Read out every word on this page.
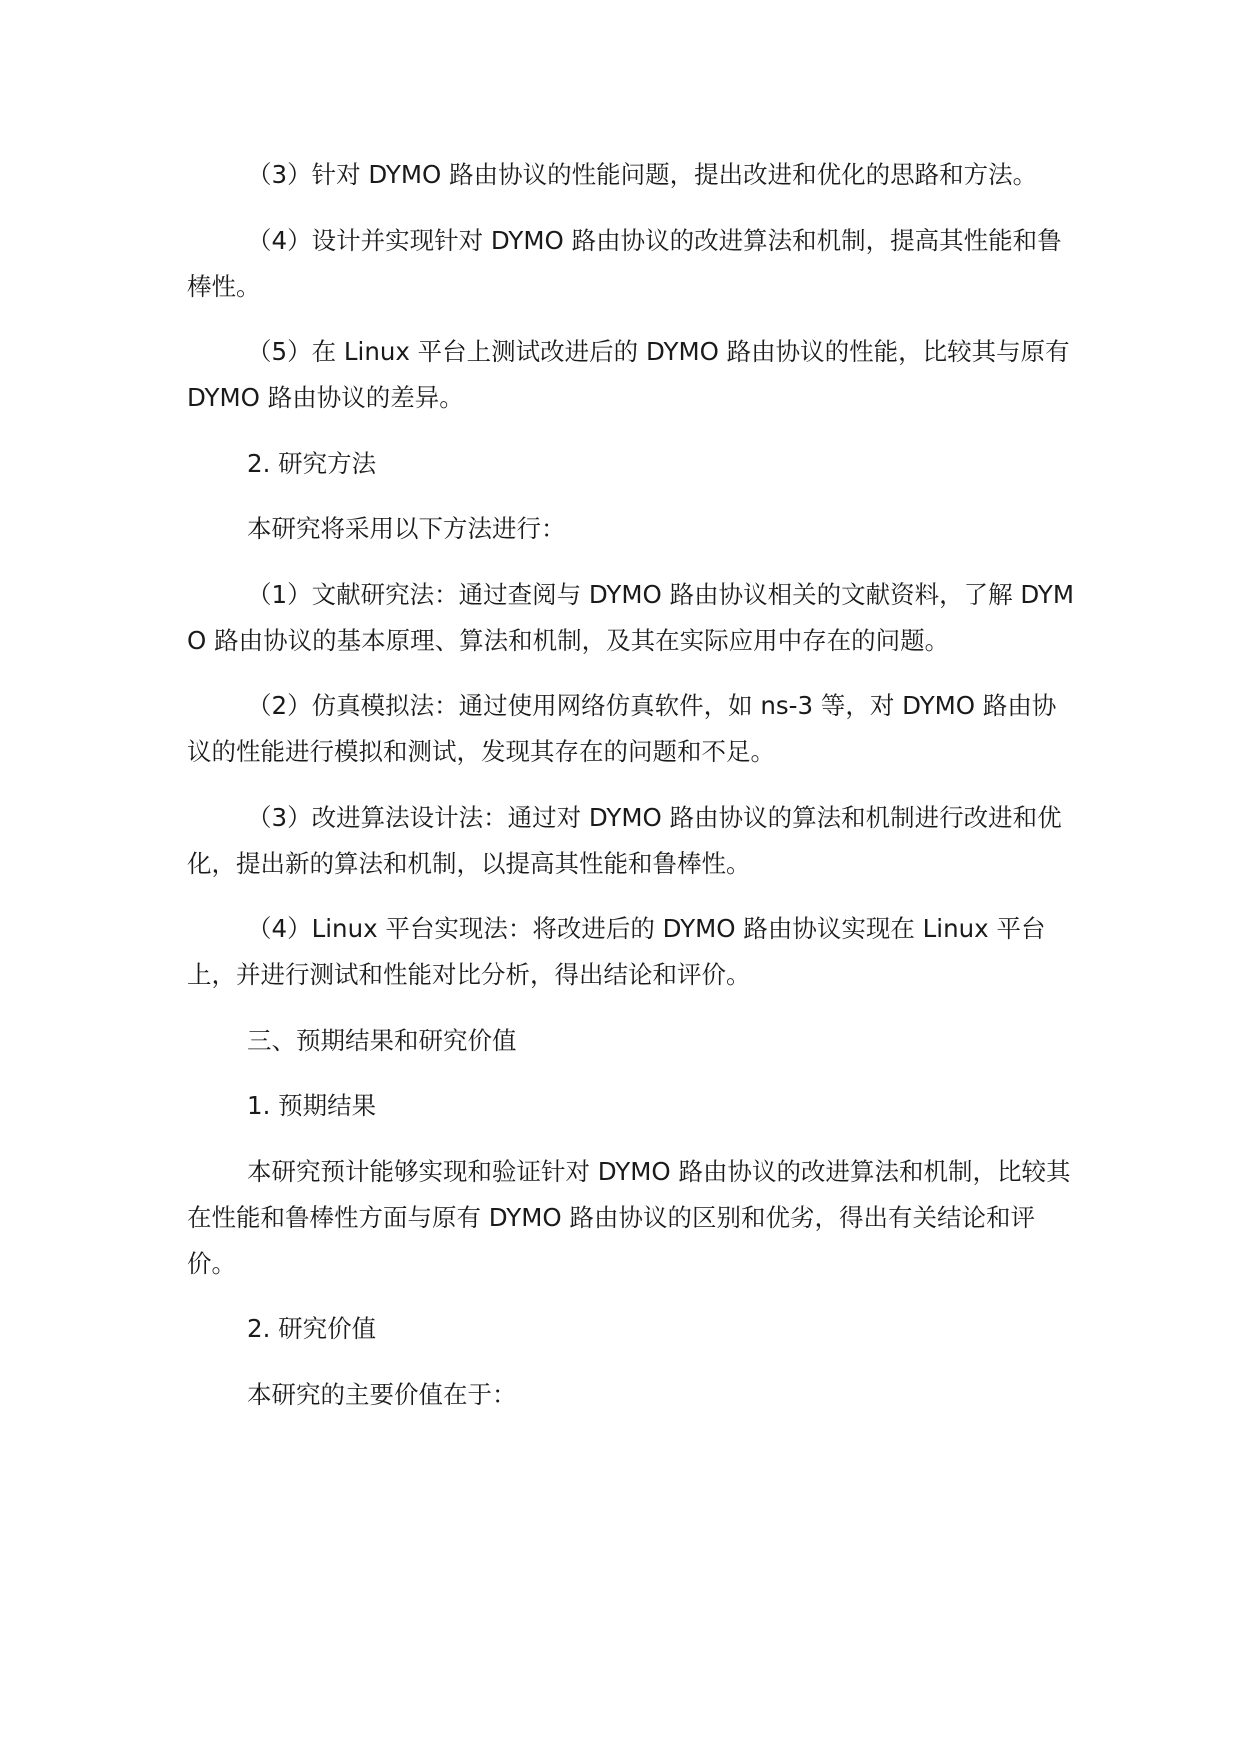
（3）针对 DYMO 路由协议的性能问题，提出改进和优化的思路和方法。

（4）设计并实现针对 DYMO 路由协议的改进算法和机制，提高其性能和鲁棒性。

（5）在 Linux 平台上测试改进后的 DYMO 路由协议的性能，比较其与原有 DYMO 路由协议的差异。

2. 研究方法

本研究将采用以下方法进行：

（1）文献研究法：通过查阅与 DYMO 路由协议相关的文献资料，了解 DYMO 路由协议的基本原理、算法和机制，及其在实际应用中存在的问题。

（2）仿真模拟法：通过使用网络仿真软件，如 ns-3 等，对 DYMO 路由协议的性能进行模拟和测试，发现其存在的问题和不足。

（3）改进算法设计法：通过对 DYMO 路由协议的算法和机制进行改进和优化，提出新的算法和机制，以提高其性能和鲁棒性。

（4）Linux 平台实现法：将改进后的 DYMO 路由协议实现在 Linux 平台上，并进行测试和性能对比分析，得出结论和评价。

三、预期结果和研究价值

1. 预期结果

本研究预计能够实现和验证针对 DYMO 路由协议的改进算法和机制，比较其在性能和鲁棒性方面与原有 DYMO 路由协议的区别和优劣，得出有关结论和评价。

2. 研究价值

本研究的主要价值在于：
